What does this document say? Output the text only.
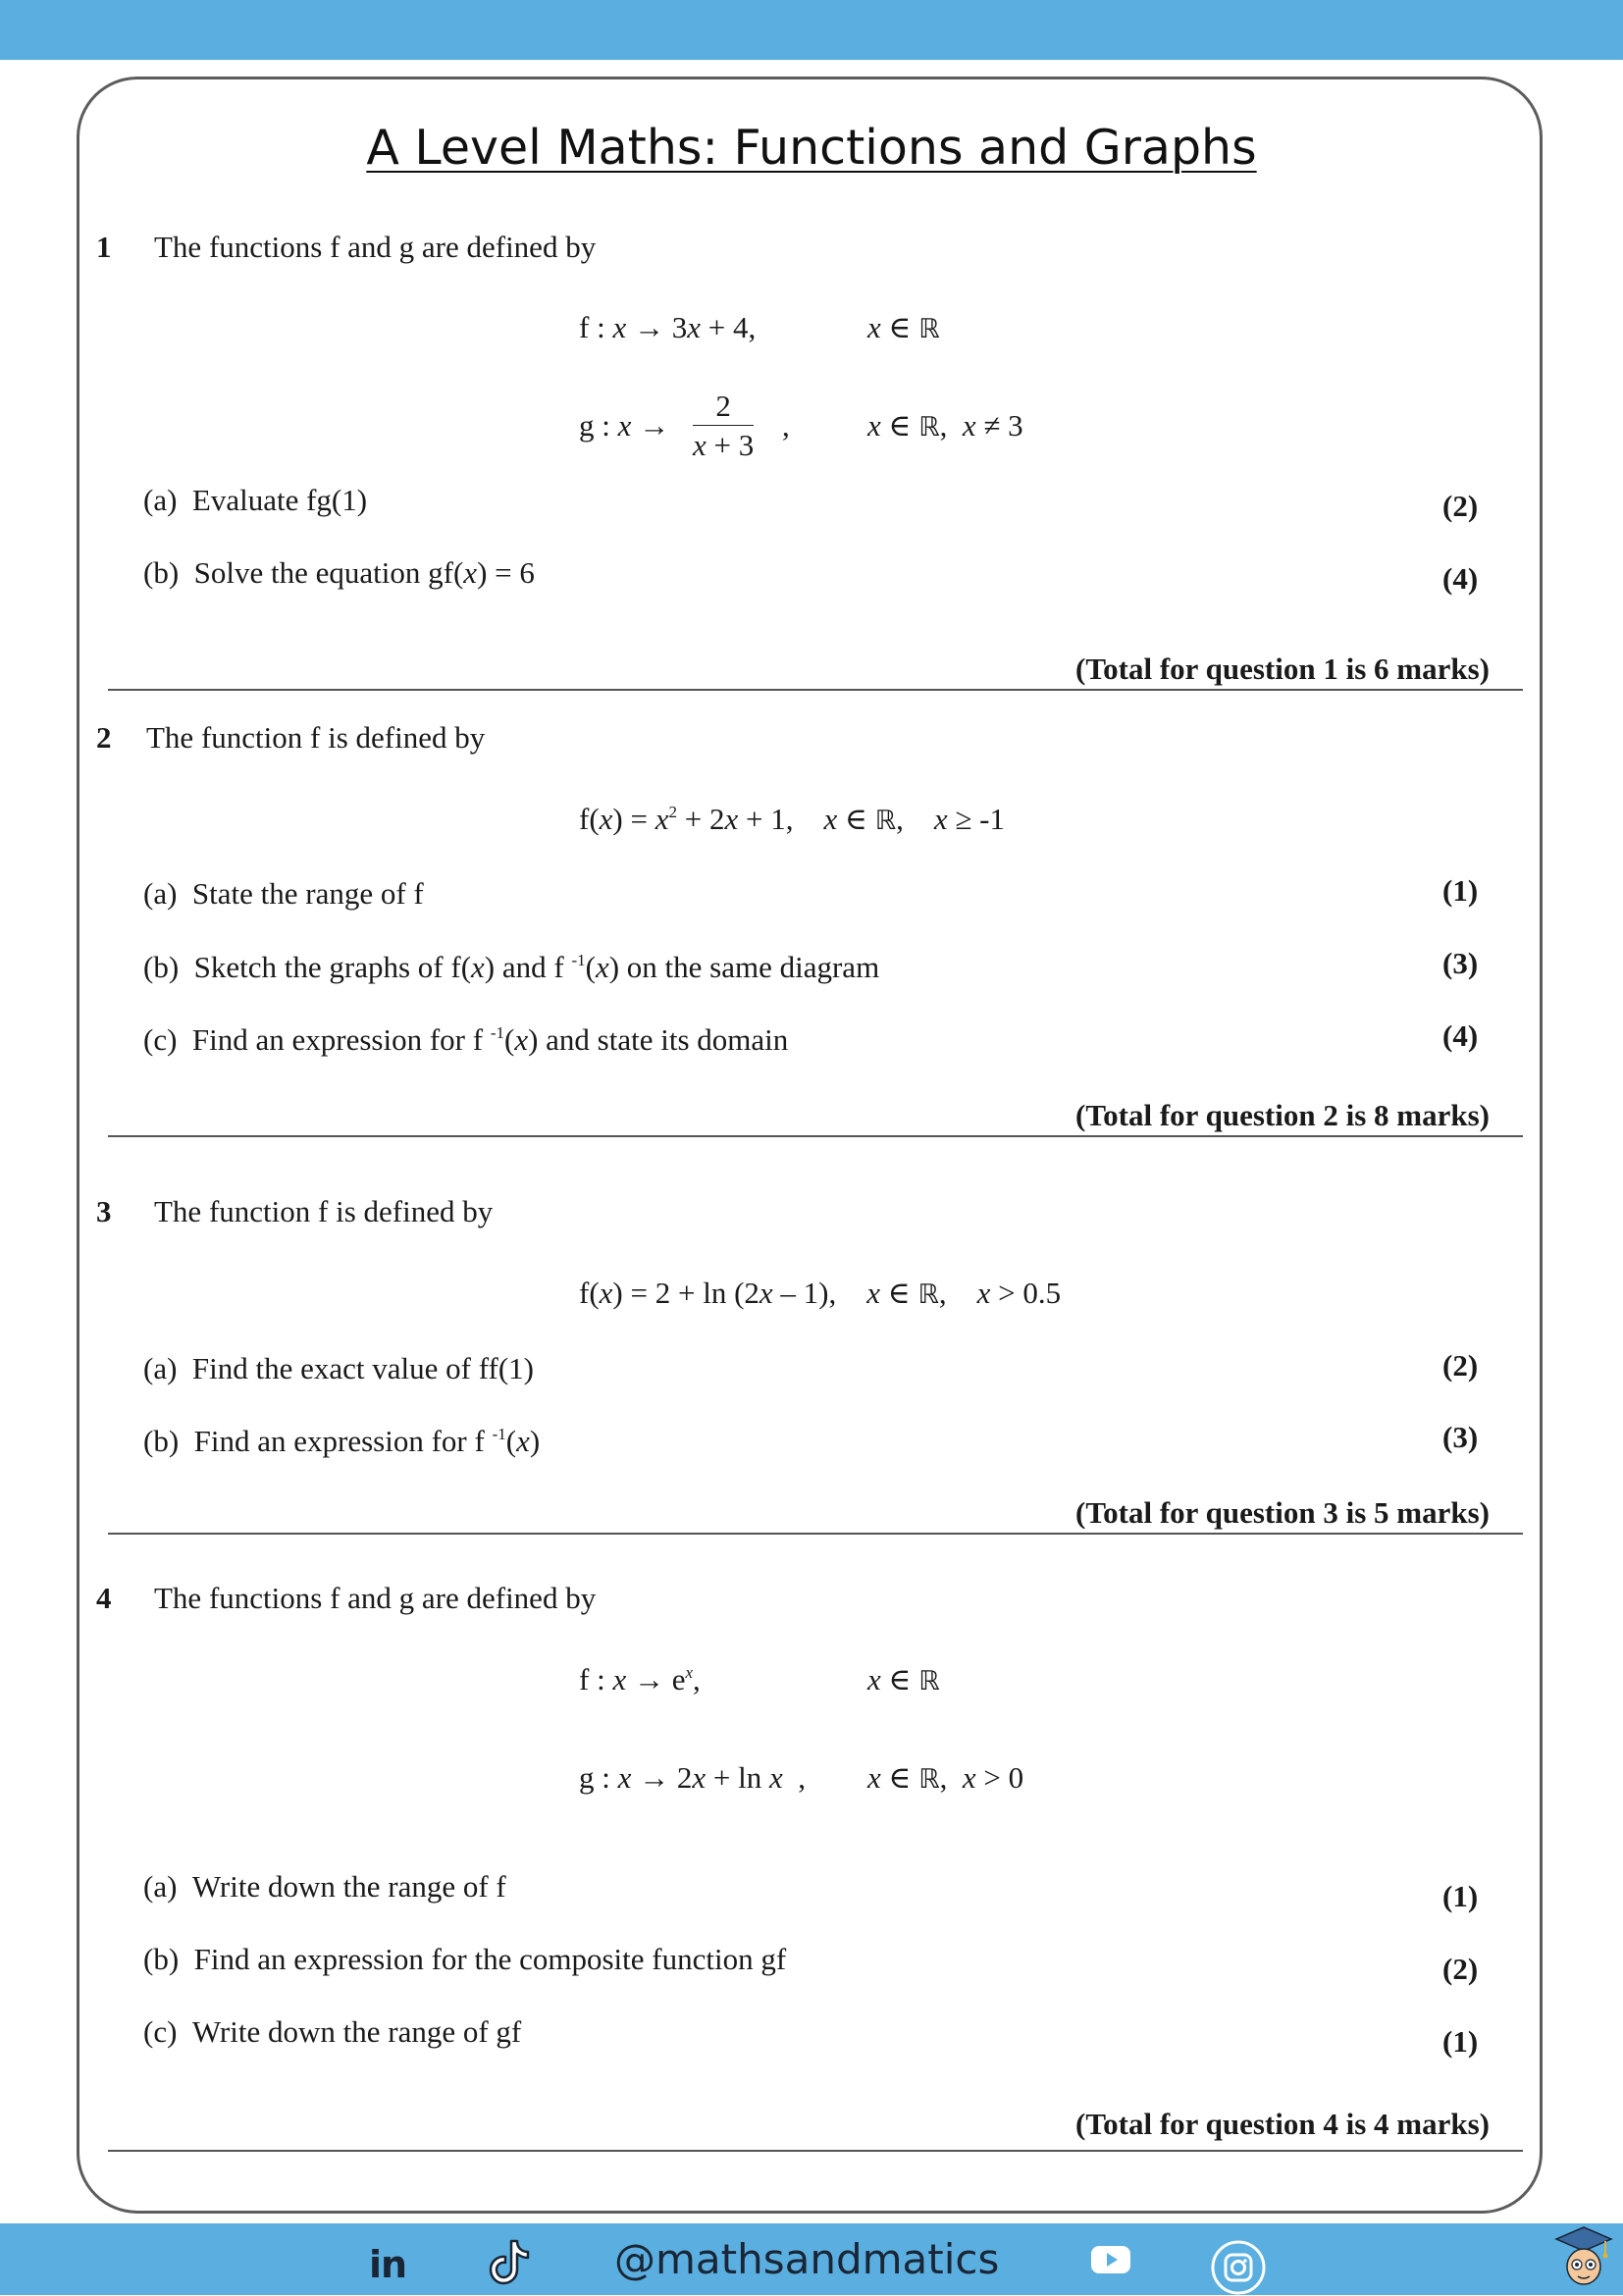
A Level Maths: Functions and Graphs
1 The functions f and g are defined by
f : x → 3x + 4,	x ∈ ℝ
g : $x \to \frac{2}{x + 3}$ ,	x ∈ ℝ, x ≠ 3
(a) Evaluate fg(1)	(2)
(b) Solve the equation gf(x) = 6	(4)
(Total for question 1 is 6 marks)
2 The function f is defined by
$f(x) = x^2 + 2x + 1$, x ∈ ℝ, x ≥ -1
(a) State the range of f	(1)
(b) Sketch the graphs of f(x) and f $^{-1}$(x) on the same diagram	(3)
(c) Find an expression for f $^{-1}$(x) and state its domain	(4)
(Total for question 2 is 8 marks)
3 The function f is defined by
f(x) = 2 + ln (2x – 1), x ∈ ℝ, x > 0.5
(a) Find the exact value of ff(1)	(2)
(b) Find an expression for f $^{-1}$(x)	(3)
(Total for question 3 is 5 marks)
4 The functions f and g are defined by
f : $x \to e^x$,	x ∈ ℝ
g : x → 2x + ln x  , x ∈ ℝ, x > 0
(a) Write down the range of f	(1)
(b) Find an expression for the composite function gf	(2)
(c) Write down the range of gf	(1)
(Total for question 4 is 4 marks)
in	@mathsandmatics
